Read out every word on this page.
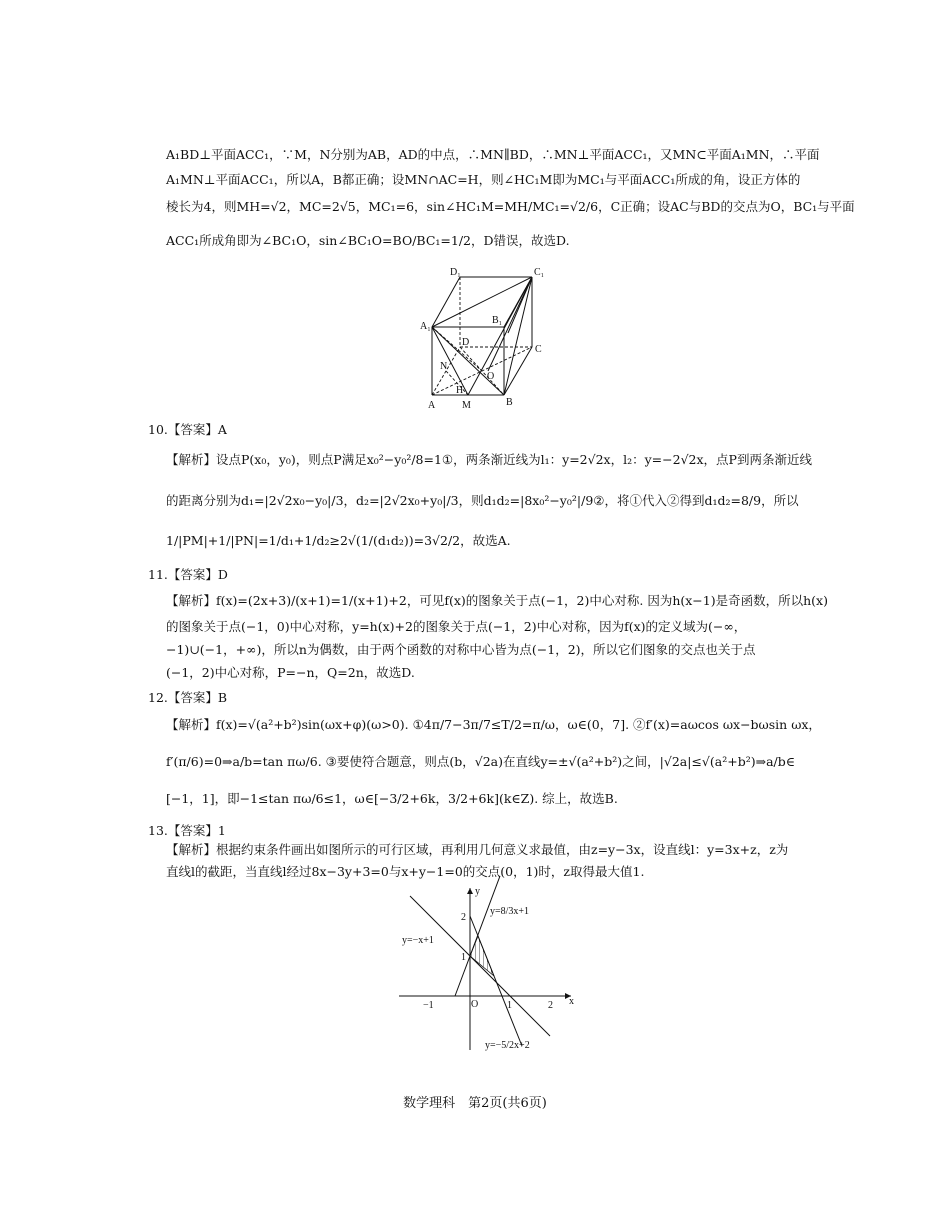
A₁BD⊥平面ACC₁，∵M，N分别为AB，AD的中点，∴MN∥BD，∴MN⊥平面ACC₁，又MN⊂平面A₁MN，∴平面
A₁MN⊥平面ACC₁，所以A，B都正确；设MN∩AC=H，则∠HC₁M即为MC₁与平面ACC₁所成的角，设正方体的
棱长为4，则MH=√2，MC=2√5，MC₁=6，sin∠HC₁M=MH/MC₁=√2/6，C正确；设AC与BD的交点为O，BC₁与平面
ACC₁所成角即为∠BC₁O，sin∠BC₁O=BO/BC₁=1/2，D错误，故选D.
D₁	C₁
A₁
B₁
D
C
N
O
H
A	M	B
10.【答案】A
【解析】设点P(x₀，y₀)，则点P满足x₀²−y₀²/8=1①，两条渐近线为l₁：y=2√2x，l₂：y=−2√2x，点P到两条渐近线
的距离分别为d₁=|2√2x₀−y₀|/3，d₂=|2√2x₀+y₀|/3，则d₁d₂=|8x₀²−y₀²|/9②，将①代入②得到d₁d₂=8/9，所以
1/|PM|+1/|PN|=1/d₁+1/d₂≥2√(1/(d₁d₂))=3√2/2，故选A.
11.【答案】D
【解析】f(x)=(2x+3)/(x+1)=1/(x+1)+2，可见f(x)的图象关于点(−1，2)中心对称. 因为h(x−1)是奇函数，所以h(x)
的图象关于点(−1，0)中心对称，y=h(x)+2的图象关于点(−1，2)中心对称，因为f(x)的定义域为(−∞，
−1)∪(−1，+∞)，所以n为偶数，由于两个函数的对称中心皆为点(−1，2)，所以它们图象的交点也关于点
(−1，2)中心对称，P=−n，Q=2n，故选D.
12.【答案】B
【解析】f(x)=√(a²+b²)sin(ωx+φ)(ω>0). ①4π/7−3π/7≤T/2=π/ω，ω∈(0，7]. ②f′(x)=aωcos ωx−bωsin ωx，
f′(π/6)=0⇒a/b=tan πω/6. ③要使符合题意，则点(b，√2a)在直线y=±√(a²+b²)之间，|√2a|≤√(a²+b²)⇒a/b∈
[−1，1]，即−1≤tan πω/6≤1，ω∈[−3/2+6k，3/2+6k](k∈Z). 综上，故选B.
13.【答案】1
【解析】根据约束条件画出如图所示的可行区域，再利用几何意义求最值，由z=y−3x，设直线l：y=3x+z，z为
直线l的截距，当直线l经过8x−3y+3=0与x+y−1=0的交点(0，1)时，z取得最大值1.
x
y
O
−1	1	2
1
2
y=8/3x+1
y=−x+1
y=−5/2x+2
数学理科　第2页(共6页)
